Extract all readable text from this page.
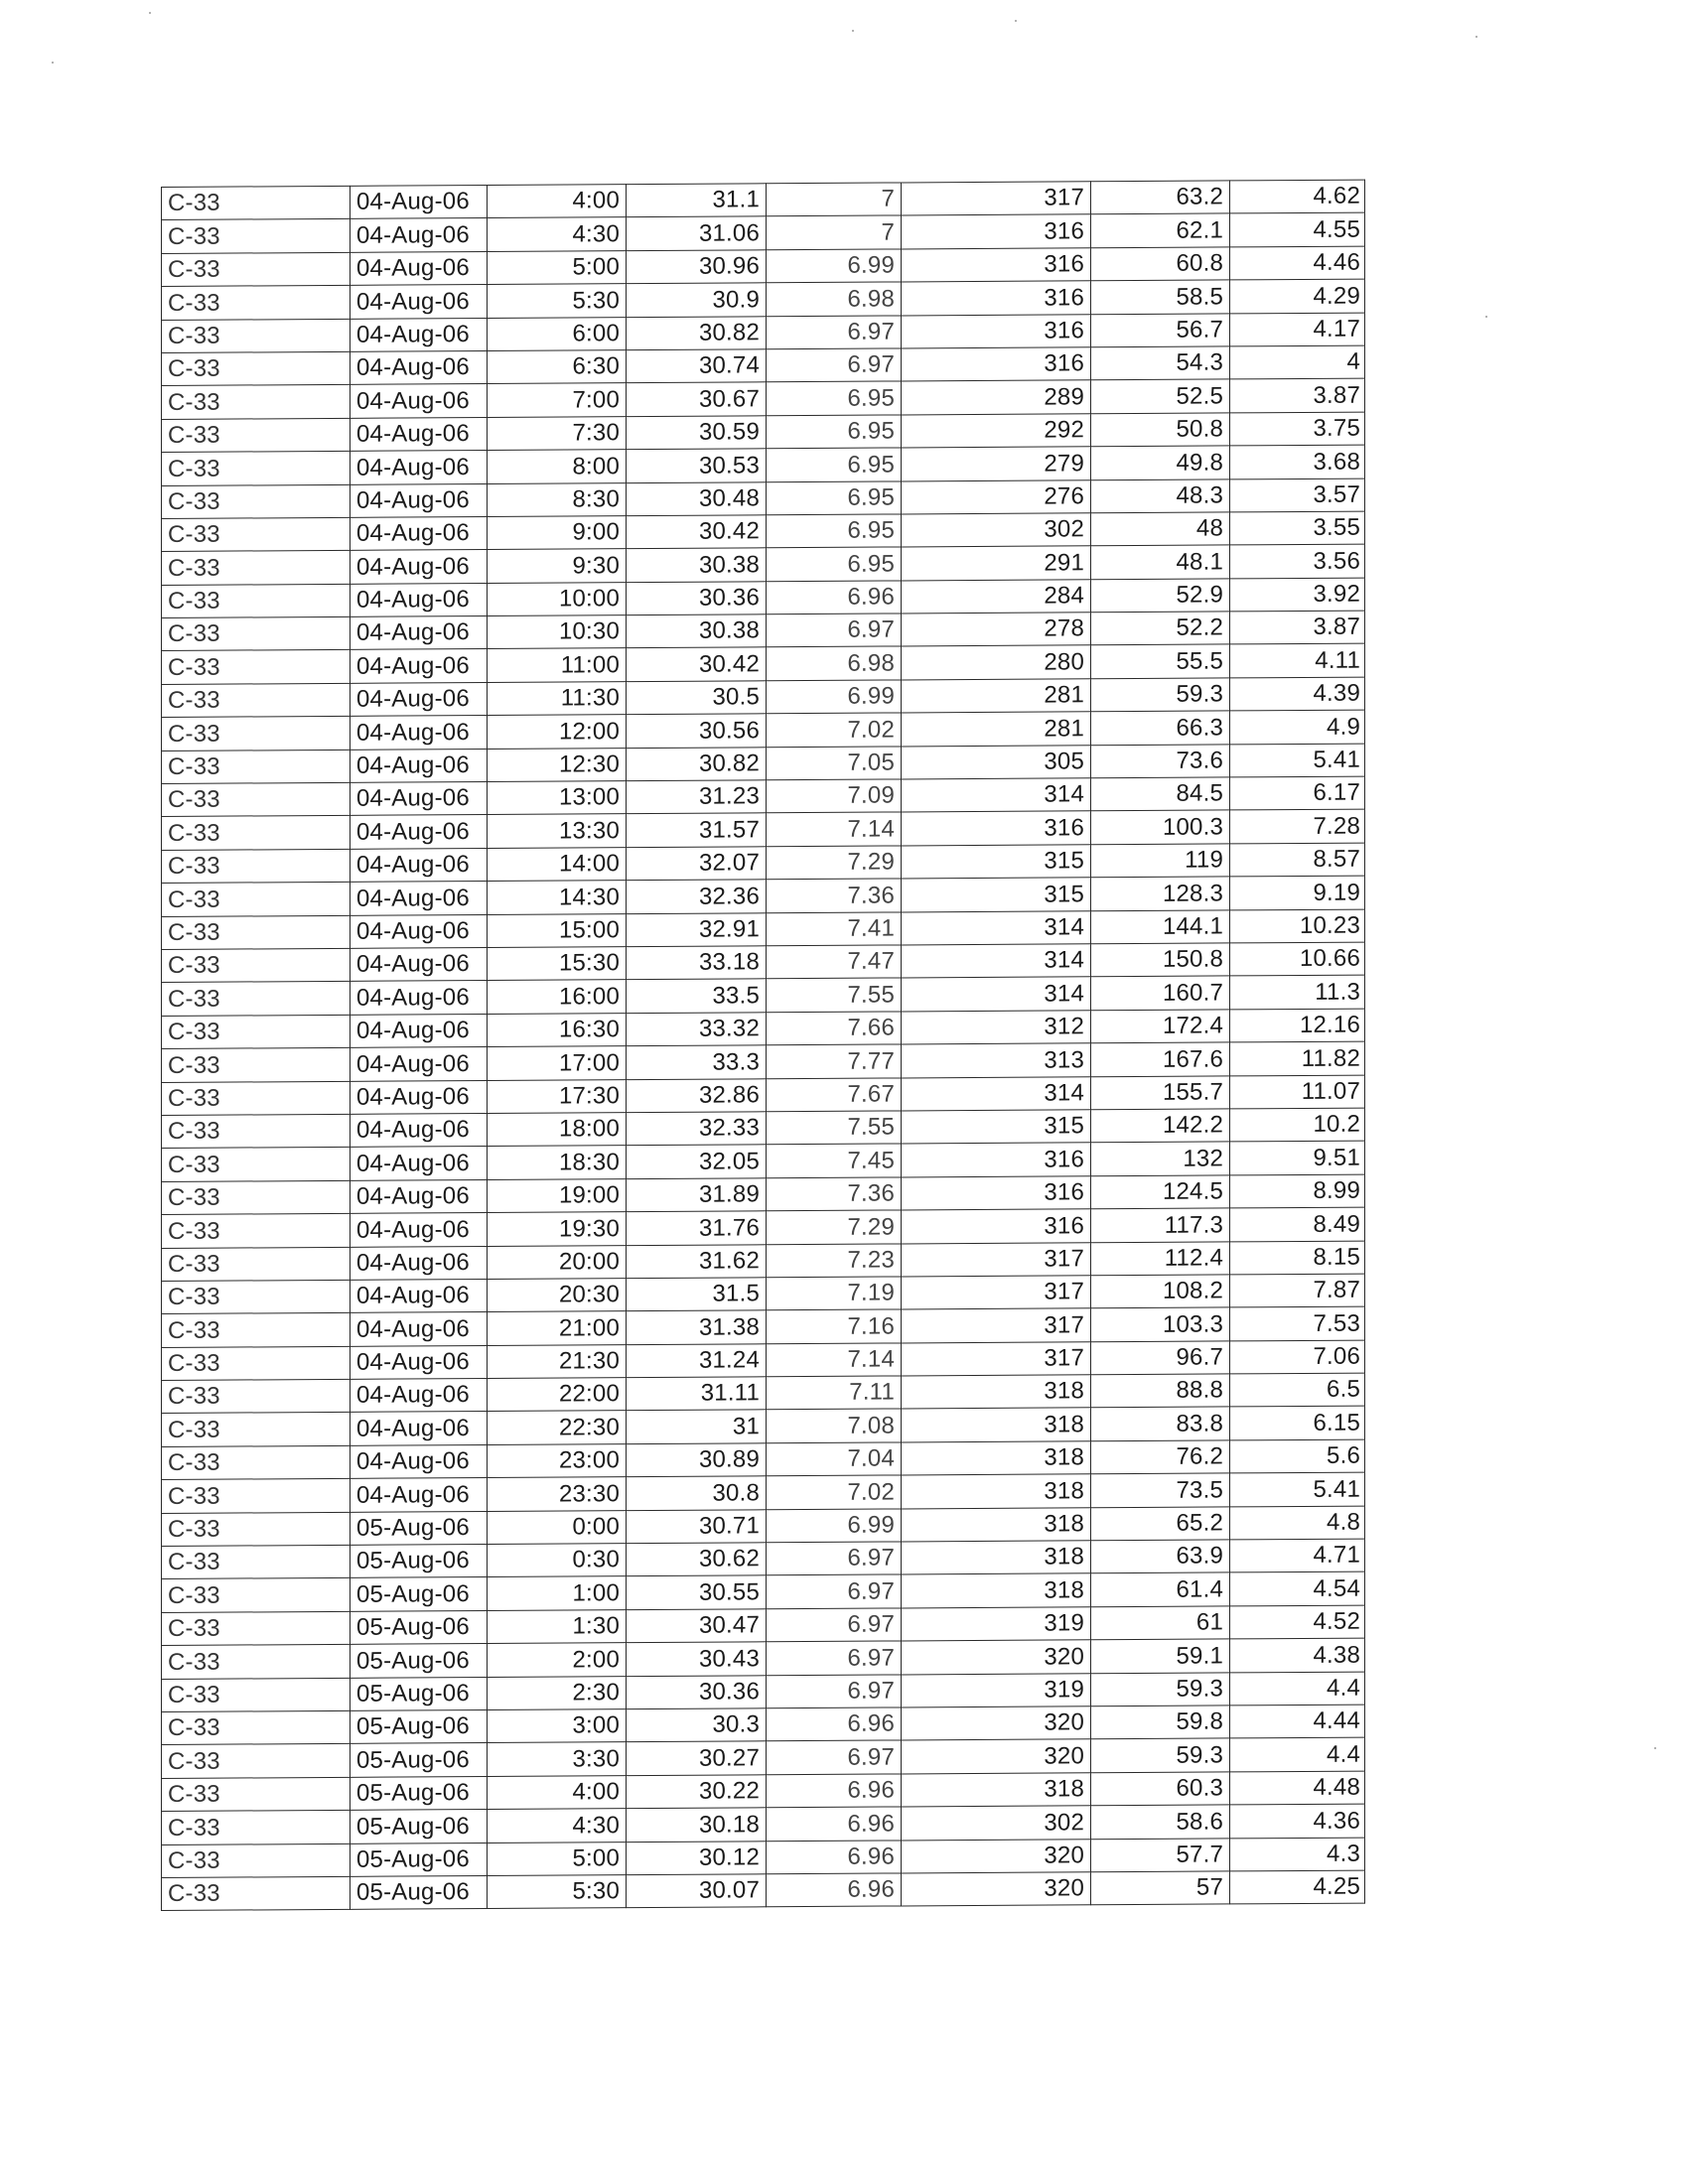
C-33	04-Aug-06	4:00	31.1	7	317	63.2	4.62
C-33	04-Aug-06	4:30	31.06	7	316	62.1	4.55
C-33	04-Aug-06	5:00	30.96	6.99	316	60.8	4.46
C-33	04-Aug-06	5:30	30.9	6.98	316	58.5	4.29
C-33	04-Aug-06	6:00	30.82	6.97	316	56.7	4.17
C-33	04-Aug-06	6:30	30.74	6.97	316	54.3	4
C-33	04-Aug-06	7:00	30.67	6.95	289	52.5	3.87
C-33	04-Aug-06	7:30	30.59	6.95	292	50.8	3.75
C-33	04-Aug-06	8:00	30.53	6.95	279	49.8	3.68
C-33	04-Aug-06	8:30	30.48	6.95	276	48.3	3.57
C-33	04-Aug-06	9:00	30.42	6.95	302	48	3.55
C-33	04-Aug-06	9:30	30.38	6.95	291	48.1	3.56
C-33	04-Aug-06	10:00	30.36	6.96	284	52.9	3.92
C-33	04-Aug-06	10:30	30.38	6.97	278	52.2	3.87
C-33	04-Aug-06	11:00	30.42	6.98	280	55.5	4.11
C-33	04-Aug-06	11:30	30.5	6.99	281	59.3	4.39
C-33	04-Aug-06	12:00	30.56	7.02	281	66.3	4.9
C-33	04-Aug-06	12:30	30.82	7.05	305	73.6	5.41
C-33	04-Aug-06	13:00	31.23	7.09	314	84.5	6.17
C-33	04-Aug-06	13:30	31.57	7.14	316	100.3	7.28
C-33	04-Aug-06	14:00	32.07	7.29	315	119	8.57
C-33	04-Aug-06	14:30	32.36	7.36	315	128.3	9.19
C-33	04-Aug-06	15:00	32.91	7.41	314	144.1	10.23
C-33	04-Aug-06	15:30	33.18	7.47	314	150.8	10.66
C-33	04-Aug-06	16:00	33.5	7.55	314	160.7	11.3
C-33	04-Aug-06	16:30	33.32	7.66	312	172.4	12.16
C-33	04-Aug-06	17:00	33.3	7.77	313	167.6	11.82
C-33	04-Aug-06	17:30	32.86	7.67	314	155.7	11.07
C-33	04-Aug-06	18:00	32.33	7.55	315	142.2	10.2
C-33	04-Aug-06	18:30	32.05	7.45	316	132	9.51
C-33	04-Aug-06	19:00	31.89	7.36	316	124.5	8.99
C-33	04-Aug-06	19:30	31.76	7.29	316	117.3	8.49
C-33	04-Aug-06	20:00	31.62	7.23	317	112.4	8.15
C-33	04-Aug-06	20:30	31.5	7.19	317	108.2	7.87
C-33	04-Aug-06	21:00	31.38	7.16	317	103.3	7.53
C-33	04-Aug-06	21:30	31.24	7.14	317	96.7	7.06
C-33	04-Aug-06	22:00	31.11	7.11	318	88.8	6.5
C-33	04-Aug-06	22:30	31	7.08	318	83.8	6.15
C-33	04-Aug-06	23:00	30.89	7.04	318	76.2	5.6
C-33	04-Aug-06	23:30	30.8	7.02	318	73.5	5.41
C-33	05-Aug-06	0:00	30.71	6.99	318	65.2	4.8
C-33	05-Aug-06	0:30	30.62	6.97	318	63.9	4.71
C-33	05-Aug-06	1:00	30.55	6.97	318	61.4	4.54
C-33	05-Aug-06	1:30	30.47	6.97	319	61	4.52
C-33	05-Aug-06	2:00	30.43	6.97	320	59.1	4.38
C-33	05-Aug-06	2:30	30.36	6.97	319	59.3	4.4
C-33	05-Aug-06	3:00	30.3	6.96	320	59.8	4.44
C-33	05-Aug-06	3:30	30.27	6.97	320	59.3	4.4
C-33	05-Aug-06	4:00	30.22	6.96	318	60.3	4.48
C-33	05-Aug-06	4:30	30.18	6.96	302	58.6	4.36
C-33	05-Aug-06	5:00	30.12	6.96	320	57.7	4.3
C-33	05-Aug-06	5:30	30.07	6.96	320	57	4.25
